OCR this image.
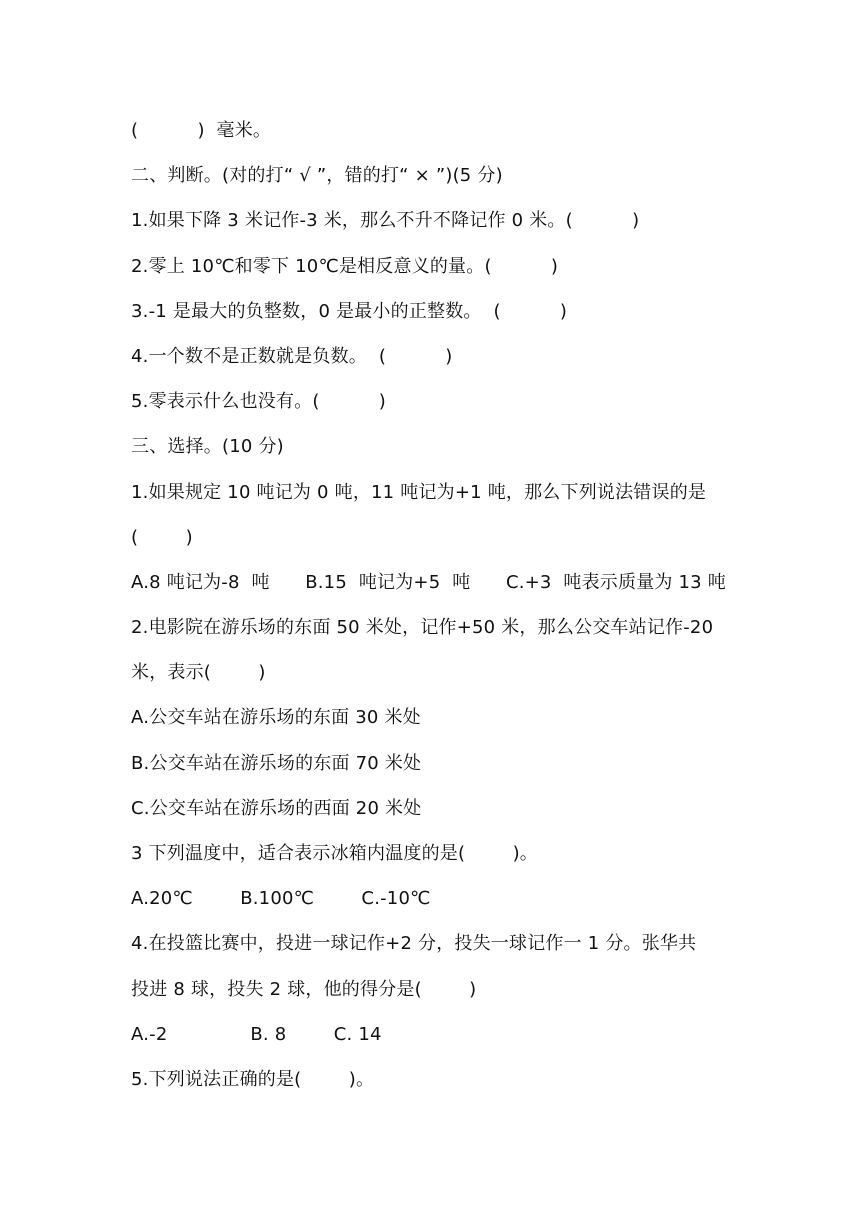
(          )  毫米。
二、判断。(对的打“ √ ”，错的打“ × ”)(5 分)
1.如果下降 3 米记作-3 米，那么不升不降记作 0 米。(          )
2.零上 10℃和零下 10℃是相反意义的量。(          )
3.-1 是最大的负整数，0 是最小的正整数。  (          )
4.一个数不是正数就是负数。  (          )
5.零表示什么也没有。(          )
三、选择。(10 分)
1.如果规定 10 吨记为 0 吨，11 吨记为+1 吨，那么下列说法错误的是
(        )
A.8 吨记为-8  吨      B.15  吨记为+5  吨      C.+3  吨表示质量为 13 吨
2.电影院在游乐场的东面 50 米处，记作+50 米，那么公交车站记作-20
米，表示(        )
A.公交车站在游乐场的东面 30 米处
B.公交车站在游乐场的东面 70 米处
C.公交车站在游乐场的西面 20 米处
3 下列温度中，适合表示冰箱内温度的是(        )。
A.20℃        B.100℃        C.-10℃
4.在投篮比赛中，投进一球记作+2 分，投失一球记作一 1 分。张华共
投进 8 球，投失 2 球，他的得分是(        )
A.-2              B. 8        C. 14
5.下列说法正确的是(        )。
